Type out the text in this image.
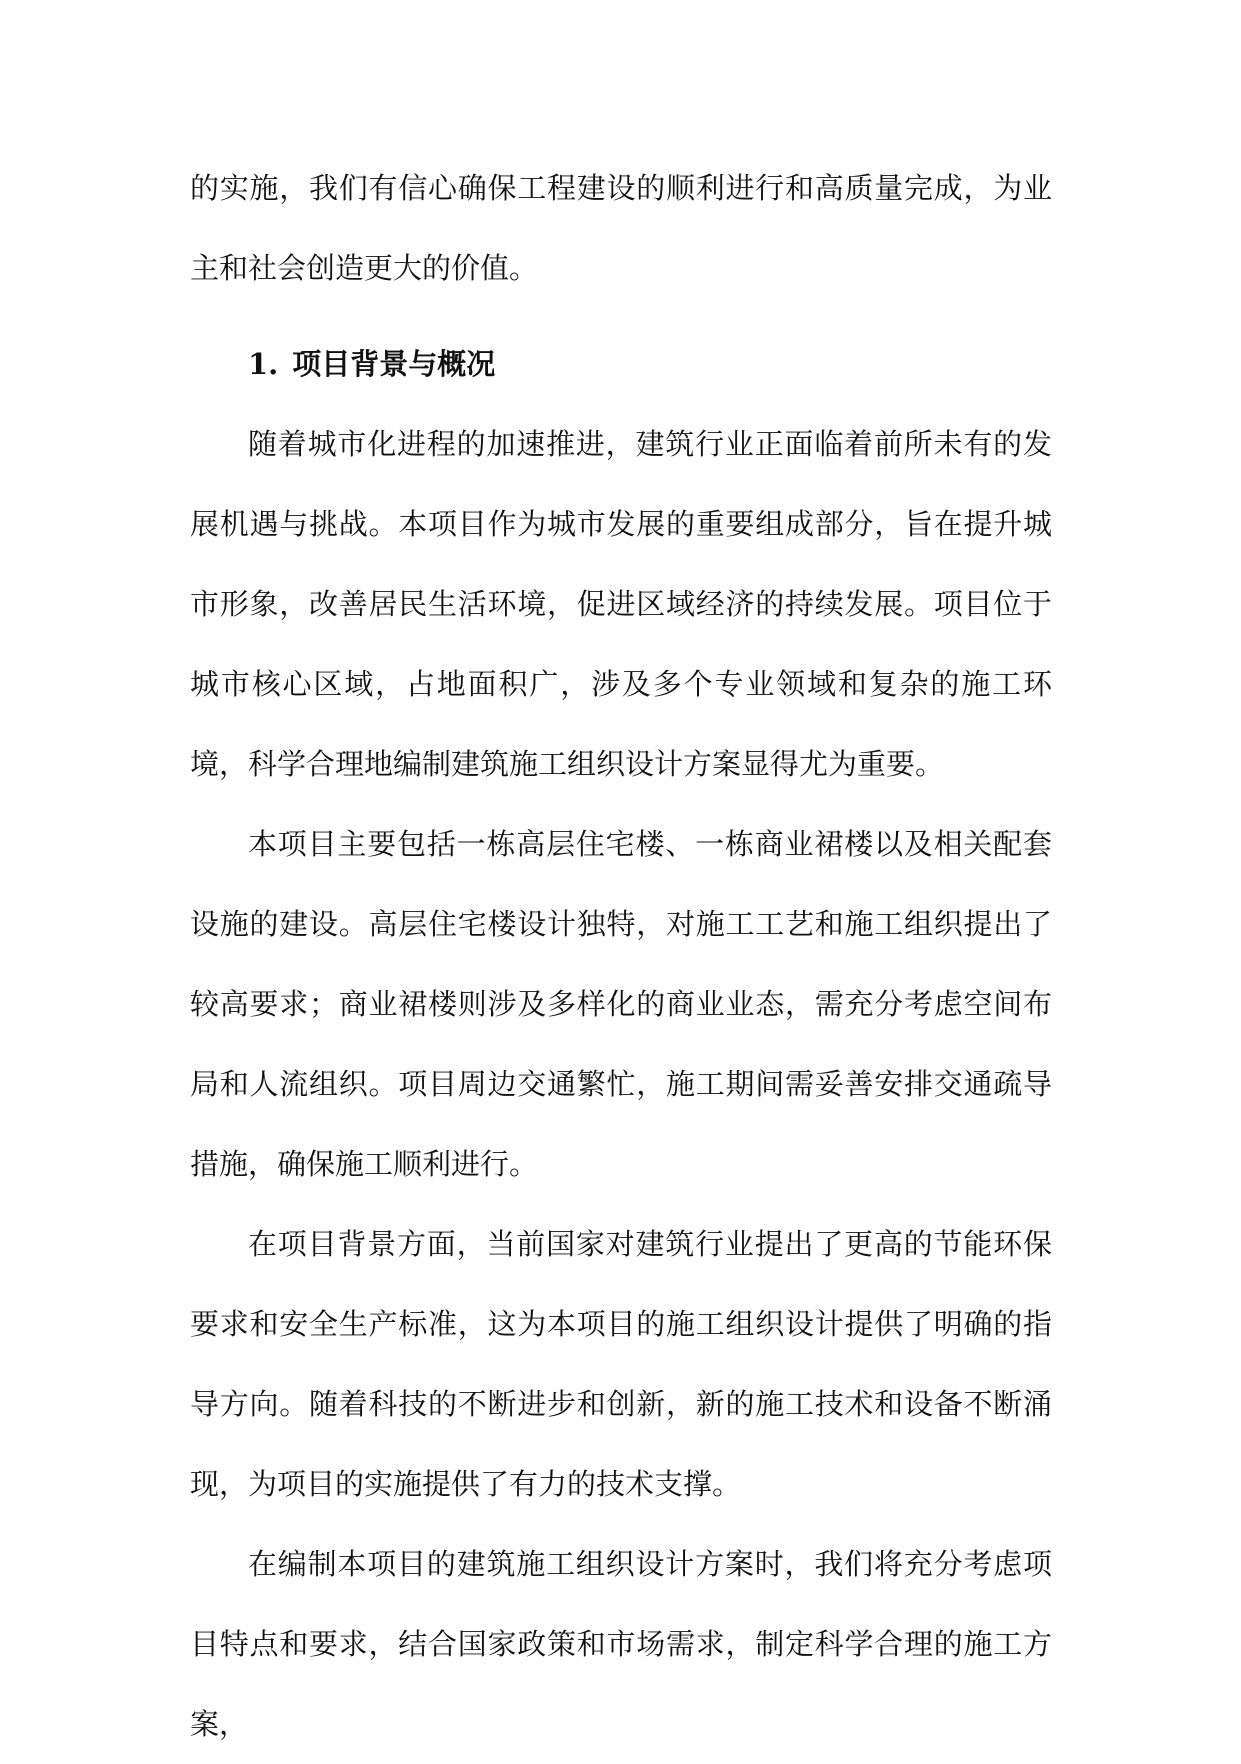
的实施，我们有信心确保工程建设的顺利进行和高质量完成，为业主和社会创造更大的价值。

1. 项目背景与概况

随着城市化进程的加速推进，建筑行业正面临着前所未有的发展机遇与挑战。本项目作为城市发展的重要组成部分，旨在提升城市形象，改善居民生活环境，促进区域经济的持续发展。项目位于城市核心区域，占地面积广，涉及多个专业领域和复杂的施工环境，科学合理地编制建筑施工组织设计方案显得尤为重要。

本项目主要包括一栋高层住宅楼、一栋商业裙楼以及相关配套设施的建设。高层住宅楼设计独特，对施工工艺和施工组织提出了较高要求；商业裙楼则涉及多样化的商业业态，需充分考虑空间布局和人流组织。项目周边交通繁忙，施工期间需妥善安排交通疏导措施，确保施工顺利进行。

在项目背景方面，当前国家对建筑行业提出了更高的节能环保要求和安全生产标准，这为本项目的施工组织设计提供了明确的指导方向。随着科技的不断进步和创新，新的施工技术和设备不断涌现，为项目的实施提供了有力的技术支撑。

在编制本项目的建筑施工组织设计方案时，我们将充分考虑项目特点和要求，结合国家政策和市场需求，制定科学合理的施工方案，
